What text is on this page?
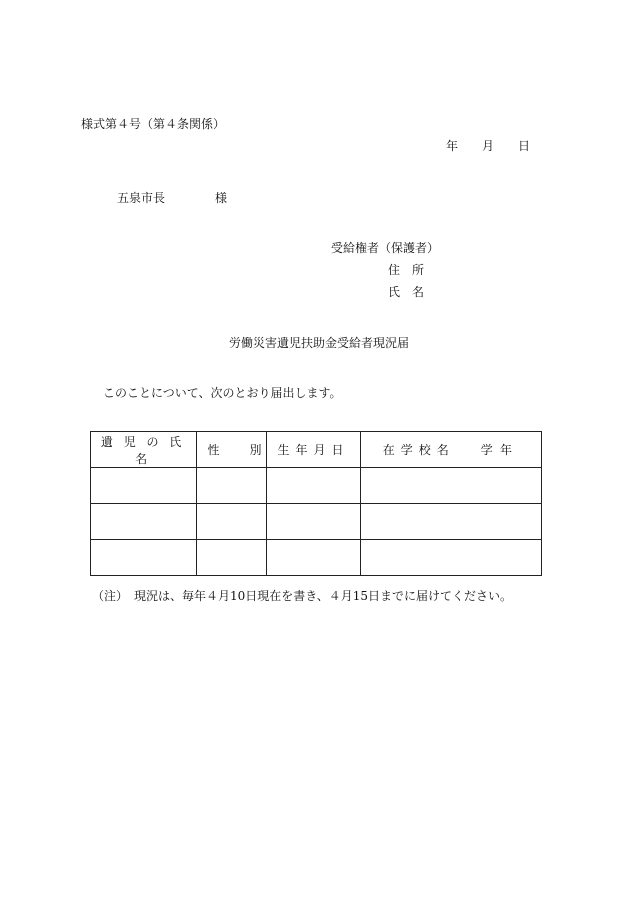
様式第４号（第４条関係）
年 月 日
五泉市長	様
受給権者（保護者）
住　所
氏　名
労働災害遺児扶助金受給者現況届
このことについて、次のとおり届出します。
遺児の氏名	性 別	生年月日	在学校名 学年

（注）　現況は、毎年４月10日現在を書き、４月15日までに届けてください。
